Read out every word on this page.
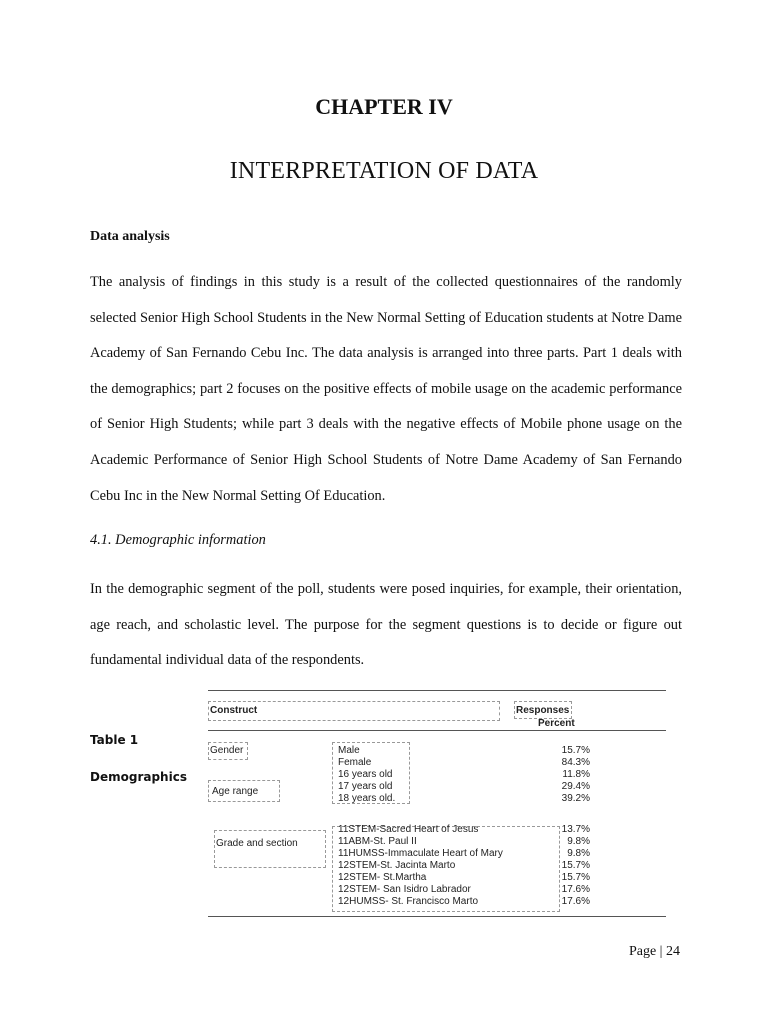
CHAPTER IV
INTERPRETATION OF DATA
Data analysis
The analysis of findings in this study is a result of the collected questionnaires of the randomly selected Senior High School Students in the New Normal Setting of Education students at Notre Dame Academy of San Fernando Cebu Inc. The data analysis is arranged into three parts. Part 1 deals with the demographics; part 2 focuses on the positive effects of mobile usage on the academic performance of Senior High Students; while part 3 deals with the negative effects of Mobile phone usage on the Academic Performance of Senior High School Students of Notre Dame Academy of San Fernando Cebu Inc in the New Normal Setting Of Education.
4.1. Demographic information
In the demographic segment of the poll, students were posed inquiries, for example, their orientation, age reach, and scholastic level. The purpose for the segment questions is to decide or figure out fundamental individual data of the respondents.
Table 1
Demographics
Construct	Responses
Percent
Gender
Age range
Grade and section
Male
Female
16 years old
17 years old
18 years old.
11STEM-Sacred Heart of Jesus
11ABM-St. Paul II
11HUMSS-Immaculate Heart of Mary
12STEM-St. Jacinta Marto
12STEM- St.Martha
12STEM- San Isidro Labrador
12HUMSS- St. Francisco Marto
15.7%
84.3%
11.8%
29.4%
39.2%
13.7%
9.8%
9.8%
15.7%
15.7%
17.6%
17.6%
Page | 24
